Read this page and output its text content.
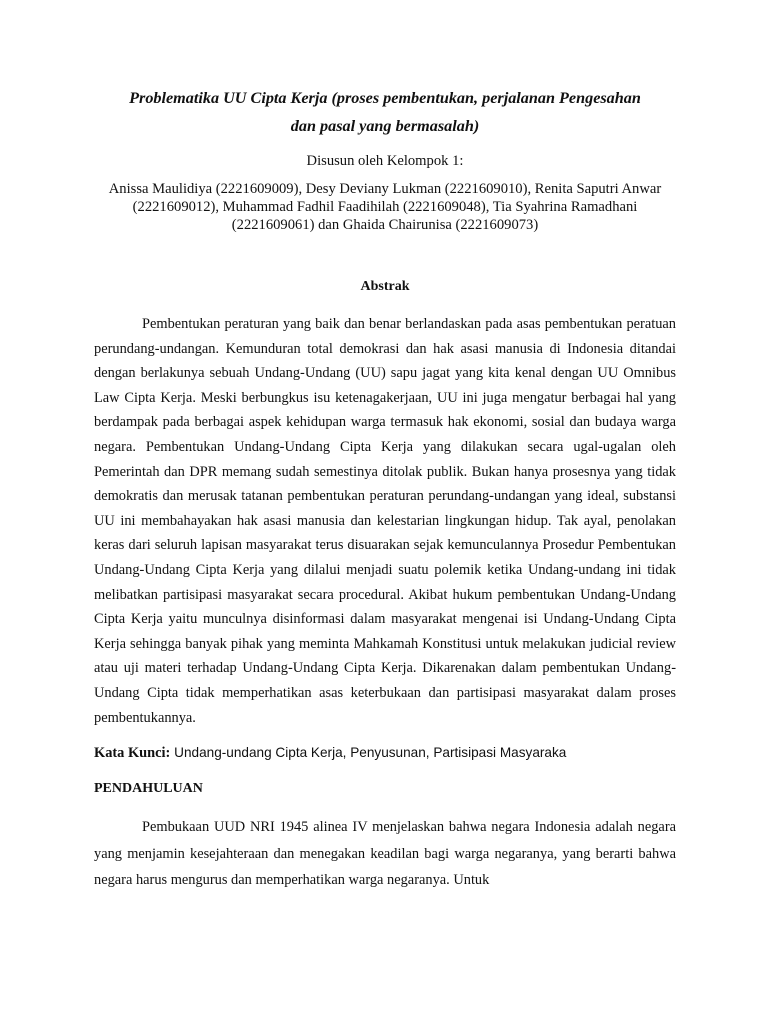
Problematika UU Cipta Kerja (proses pembentukan, perjalanan Pengesahan
dan pasal yang bermasalah)

Disusun oleh Kelompok 1:

Anissa Maulidiya (2221609009), Desy Deviany Lukman (2221609010), Renita Saputri Anwar (2221609012), Muhammad Fadhil Faadihilah (2221609048), Tia Syahrina Ramadhani (2221609061) dan Ghaida Chairunisa (2221609073)

Abstrak

Pembentukan peraturan yang baik dan benar berlandaskan pada asas pembentukan peratuan perundang-undangan. Kemunduran total demokrasi dan hak asasi manusia di Indonesia ditandai dengan berlakunya sebuah Undang-Undang (UU) sapu jagat yang kita kenal dengan UU Omnibus Law Cipta Kerja. Meski berbungkus isu ketenagakerjaan, UU ini juga mengatur berbagai hal yang berdampak pada berbagai aspek kehidupan warga termasuk hak ekonomi, sosial dan budaya warga negara. Pembentukan Undang-Undang Cipta Kerja yang dilakukan secara ugal-ugalan oleh Pemerintah dan DPR memang sudah semestinya ditolak publik. Bukan hanya prosesnya yang tidak demokratis dan merusak tatanan pembentukan peraturan perundang-undangan yang ideal, substansi UU ini membahayakan hak asasi manusia dan kelestarian lingkungan hidup. Tak ayal, penolakan keras dari seluruh lapisan masyarakat terus disuarakan sejak kemunculannya Prosedur Pembentukan Undang-Undang Cipta Kerja yang dilalui menjadi suatu polemik ketika Undang-undang ini tidak melibatkan partisipasi masyarakat secara procedural. Akibat hukum pembentukan Undang-Undang Cipta Kerja yaitu munculnya disinformasi dalam masyarakat mengenai isi Undang-Undang Cipta Kerja sehingga banyak pihak yang meminta Mahkamah Konstitusi untuk melakukan judicial review atau uji materi terhadap Undang-Undang Cipta Kerja. Dikarenakan dalam pembentukan Undang-Undang Cipta tidak memperhatikan asas keterbukaan dan partisipasi masyarakat dalam proses pembentukannya.

Kata Kunci: Undang-undang Cipta Kerja, Penyusunan, Partisipasi Masyaraka

PENDAHULUAN

Pembukaan UUD NRI 1945 alinea IV menjelaskan bahwa negara Indonesia adalah negara yang menjamin kesejahteraan dan menegakan keadilan bagi warga negaranya, yang berarti bahwa negara harus mengurus dan memperhatikan warga negaranya. Untuk
